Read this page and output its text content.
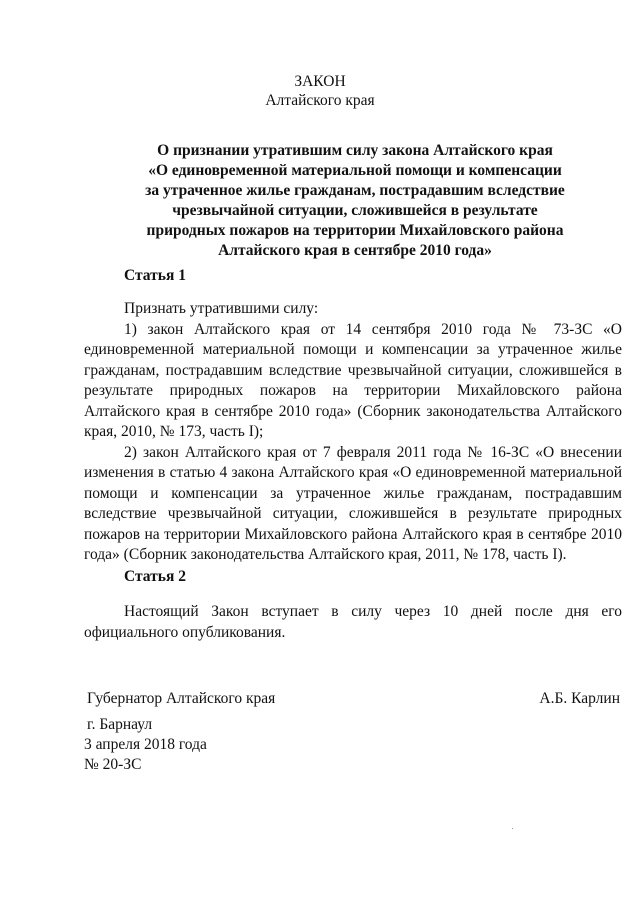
ЗАКОН
Алтайского края
О признании утратившим силу закона Алтайского края
«О единовременной материальной помощи и компенсации
за утраченное жилье гражданам, пострадавшим вследствие
чрезвычайной ситуации, сложившейся в результате
природных пожаров на территории Михайловского района
Алтайского края в сентябре 2010 года»
Статья 1

Признать утратившими силу:

1) закон Алтайского края от 14 сентября 2010 года № 73-ЗС «О единовременной материальной помощи и компенсации за утраченное жилье гражданам, пострадавшим вследствие чрезвычайной ситуации, сложившейся в результате природных пожаров на территории Михайловского района Алтайского края в сентябре 2010 года» (Сборник законодательства Алтайского края, 2010, № 173, часть I);

2) закон Алтайского края от 7 февраля 2011 года № 16-ЗС «О внесении изменения в статью 4 закона Алтайского края «О единовременной материальной помощи и компенсации за утраченное жилье гражданам, пострадавшим вследствие чрезвычайной ситуации, сложившейся в результате природных пожаров на территории Михайловского района Алтайского края в сентябре 2010 года» (Сборник законодательства Алтайского края, 2011, № 178, часть I).

Статья 2

Настоящий Закон вступает в силу через 10 дней после дня его официального опубликования.

Губернатор Алтайского края	А.Б. Карлин
г. Барнаул
3 апреля 2018 года
№ 20-ЗС
